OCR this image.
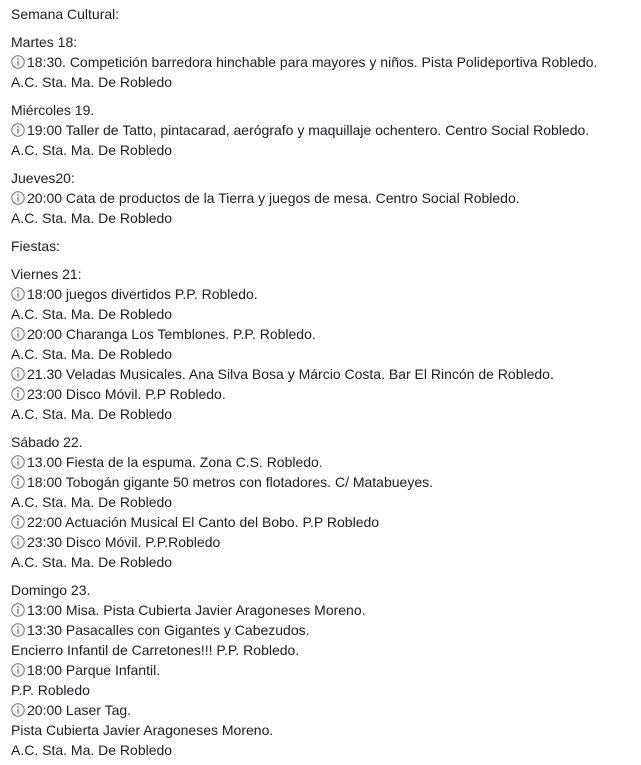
Semana Cultural:
Martes 18:
18:30. Competición barredora hinchable para mayores y niños. Pista Polideportiva Robledo.
A.C. Sta. Ma. De Robledo
Miércoles 19.
19:00 Taller de Tatto, pintacarad, aerógrafo y maquillaje ochentero. Centro Social Robledo.
A.C. Sta. Ma. De Robledo
Jueves20:
20:00 Cata de productos de la Tierra y juegos de mesa. Centro Social Robledo.
A.C. Sta. Ma. De Robledo
Fiestas:
Viernes 21:
18:00 juegos divertidos P.P. Robledo.
A.C. Sta. Ma. De Robledo
20:00 Charanga Los Temblones. P.P. Robledo.
A.C. Sta. Ma. De Robledo
21.30 Veladas Musicales. Ana Silva Bosa y Márcio Costa. Bar El Rincón de Robledo.
23:00 Disco Móvil. P.P Robledo.
A.C. Sta. Ma. De Robledo
Sábado 22.
13.00 Fiesta de la espuma. Zona C.S. Robledo.
18:00 Tobogán gigante 50 metros con flotadores. C/ Matabueyes.
A.C. Sta. Ma. De Robledo
22:00 Actuación Musical El Canto del Bobo. P.P Robledo
23:30 Disco Móvil. P.P.Robledo
A.C. Sta. Ma. De Robledo
Domingo 23.
13:00 Misa. Pista Cubierta Javier Aragoneses Moreno.
13:30 Pasacalles con Gigantes y Cabezudos.
Encierro Infantil de Carretones!!! P.P. Robledo.
18:00 Parque Infantil.
P.P. Robledo
20:00 Laser Tag.
Pista Cubierta Javier Aragoneses Moreno.
A.C. Sta. Ma. De Robledo
